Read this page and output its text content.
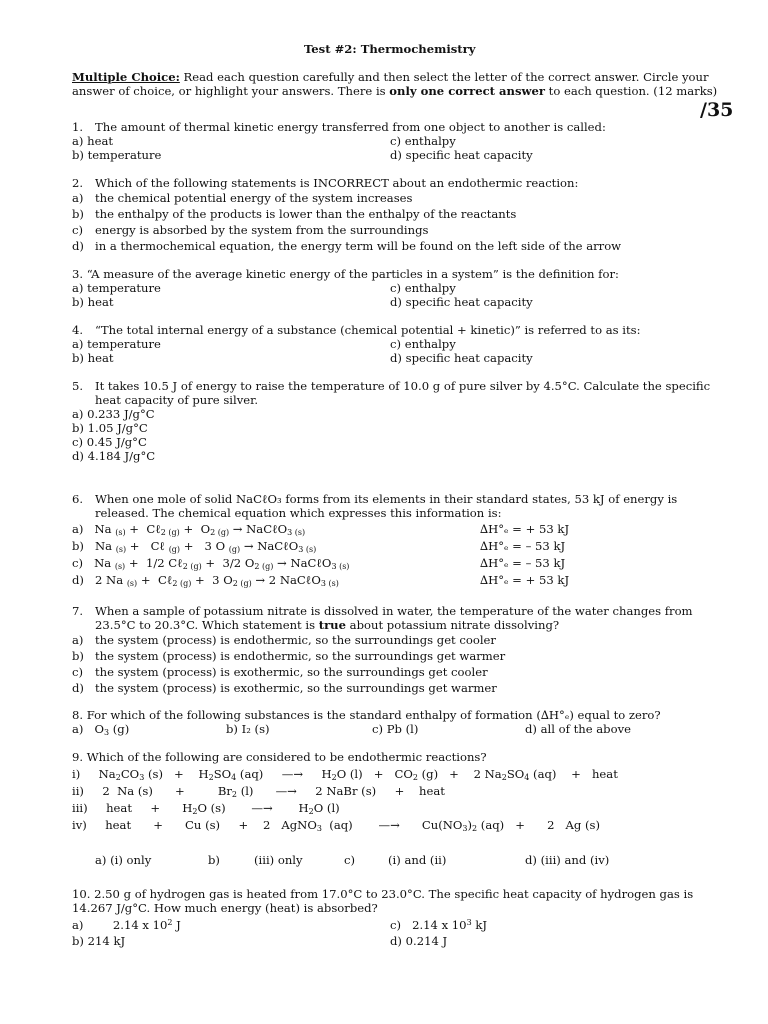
Test #2: Thermochemistry
Multiple Choice: Read each question carefully and then select the letter of the correct answer. Circle your
answer of choice, or highlight your answers. There is only one correct answer to each question. (12 marks)
/35
1. The amount of thermal kinetic energy transferred from one object to another is called:
a) heat	c) enthalpy
b) temperature	d) specific heat capacity
2. Which of the following statements is INCORRECT about an endothermic reaction:
a) the chemical potential energy of the system increases
b) the enthalpy of the products is lower than the enthalpy of the reactants
c) energy is absorbed by the system from the surroundings
d) in a thermochemical equation, the energy term will be found on the left side of the arrow
3. “A measure of the average kinetic energy of the particles in a system” is the definition for:
a) temperature	c) enthalpy
b) heat	d) specific heat capacity
4. “The total internal energy of a substance (chemical potential + kinetic)” is referred to as its:
a) temperature	c) enthalpy
b) heat	d) specific heat capacity
5. It takes 10.5 J of energy to raise the temperature of 10.0 g of pure silver by 4.5°C. Calculate the specific
heat capacity of pure silver.
a) 0.233 J/g°C
b) 1.05 J/g°C
c) 0.45 J/g°C
d) 4.184 J/g°C
6. When one mole of solid NaCℓO₃ forms from its elements in their standard states, 53 kJ of energy is
released. The chemical equation which expresses this information is:
a)   Na $_{(s)}$ +  Cℓ$_{2 (g)}$ +  $O_{2 (g)}$ → NaCℓO$_{3 (s)}$	∆H°ₑ = + 53 kJ
b)   Na $_{(s)}$ +   Cℓ $_{(g)}$ +   3 O $_{(g)}$ → NaCℓO$_{3 (s)}$	∆H°ₑ = – 53 kJ
c)   Na $_{(s)}$ +  1/2 Cℓ$_{2 (g)}$ +  3/2 $O_{2 (g)}$ → NaCℓO$_{3 (s)}$	∆H°ₑ = – 53 kJ
d)   2 Na $_{(s)}$ +  Cℓ$_{2 (g)}$ +  3 $O_{2 (g)} \to 2$ NaCℓO$_{3 (s)}$	∆H°ₑ = + 53 kJ
7. When a sample of potassium nitrate is dissolved in water, the temperature of the water changes from
23.5°C to 20.3°C. Which statement is true about potassium nitrate dissolving?
a) the system (process) is endothermic, so the surroundings get cooler
b) the system (process) is endothermic, so the surroundings get warmer
c) the system (process) is exothermic, so the surroundings get cooler
d) the system (process) is exothermic, so the surroundings get warmer
8. For which of the following substances is the standard enthalpy of formation (∆H°ₑ) equal to zero?
a)   $O_3$ (g)	b) I₂ (s)	c) Pb (l)	d) all of the above
9. Which of the following are considered to be endothermic reactions?
i)     $Na_2CO_3$ (s)   +    $H_2SO_4$ (aq)     —→     $H_2O$ $(l) + CO_2$ (g)   +    2 $Na_2SO_4$ (aq)    +   heat
ii)     2  Na (s)      +         $Br_2$ (l)      —→     2 NaBr (s)     +    heat
iii)     heat     +      $H_2O$ (s)       —→       $H_2O$ (l)
iv)     heat      +      Cu (s)     +    2   AgNO$_3$  (aq)       —→      $Cu(NO_3)_2$ (aq)   +      2   Ag (s)
a) (i) only	b)	(iii) only	c)	(i) and (ii)	d) (iii) and (iv)
10. 2.50 g of hydrogen gas is heated from 17.0°C to 23.0°C. The specific heat capacity of hydrogen gas is
14.267 J/g°C. How much energy (heat) is absorbed?
a)        2.14 x $10^2$ J	c)   2.14 x $10^3$ kJ
b) 214 kJ	d) 0.214 J
